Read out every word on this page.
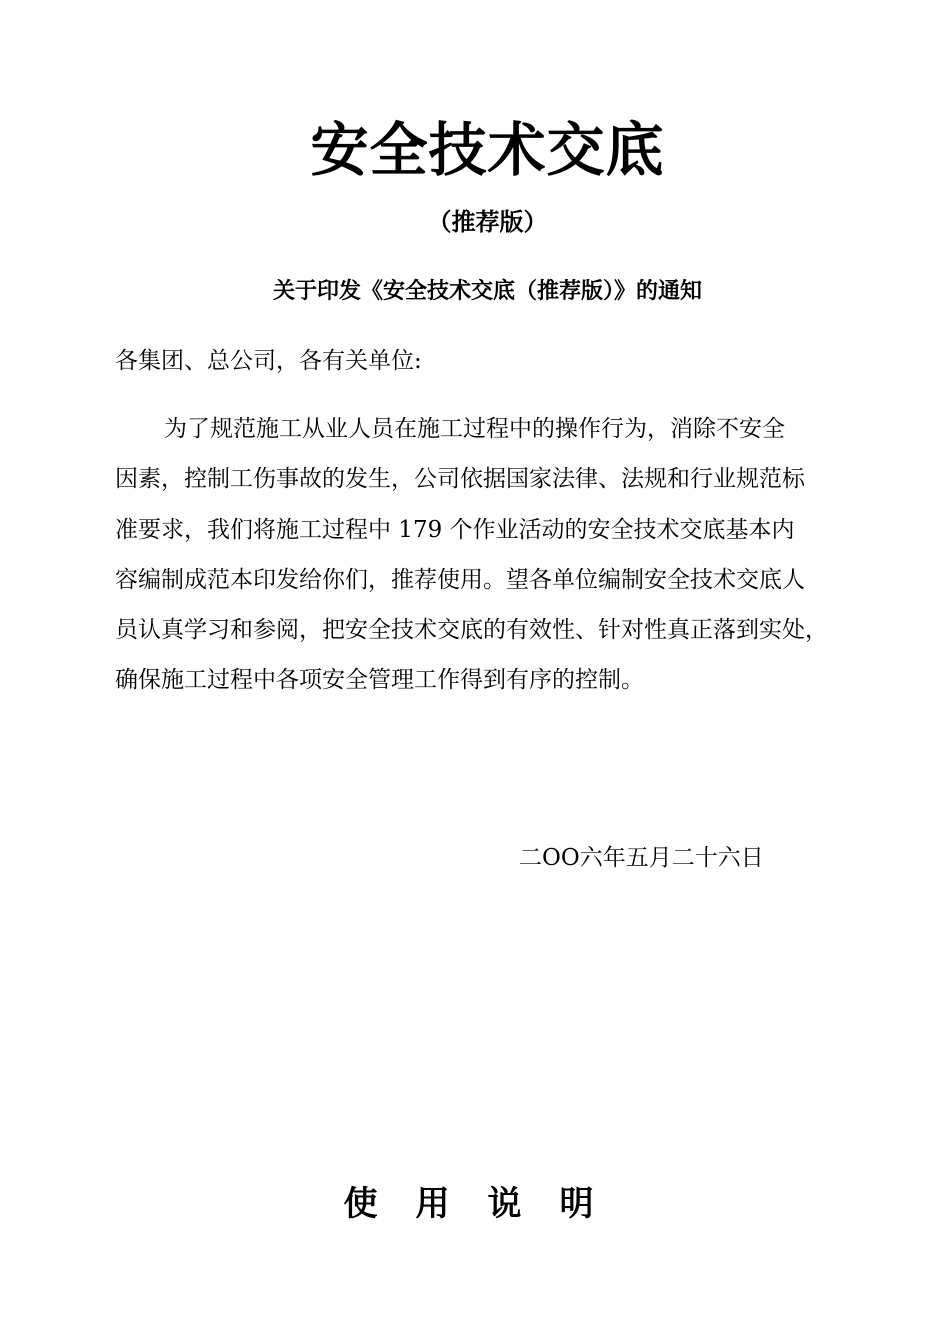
安全技术交底
（推荐版）
关于印发《安全技术交底（推荐版）》的通知
各集团、总公司，各有关单位:
为了规范施工从业人员在施工过程中的操作行为，消除不安全
因素，控制工伤事故的发生，公司依据国家法律、法规和行业规范标
准要求，我们将施工过程中 179 个作业活动的安全技术交底基本内
容编制成范本印发给你们，推荐使用。望各单位编制安全技术交底人
员认真学习和参阅，把安全技术交底的有效性、针对性真正落到实处，
确保施工过程中各项安全管理工作得到有序的控制。
二OO六年五月二十六日
使用说明
